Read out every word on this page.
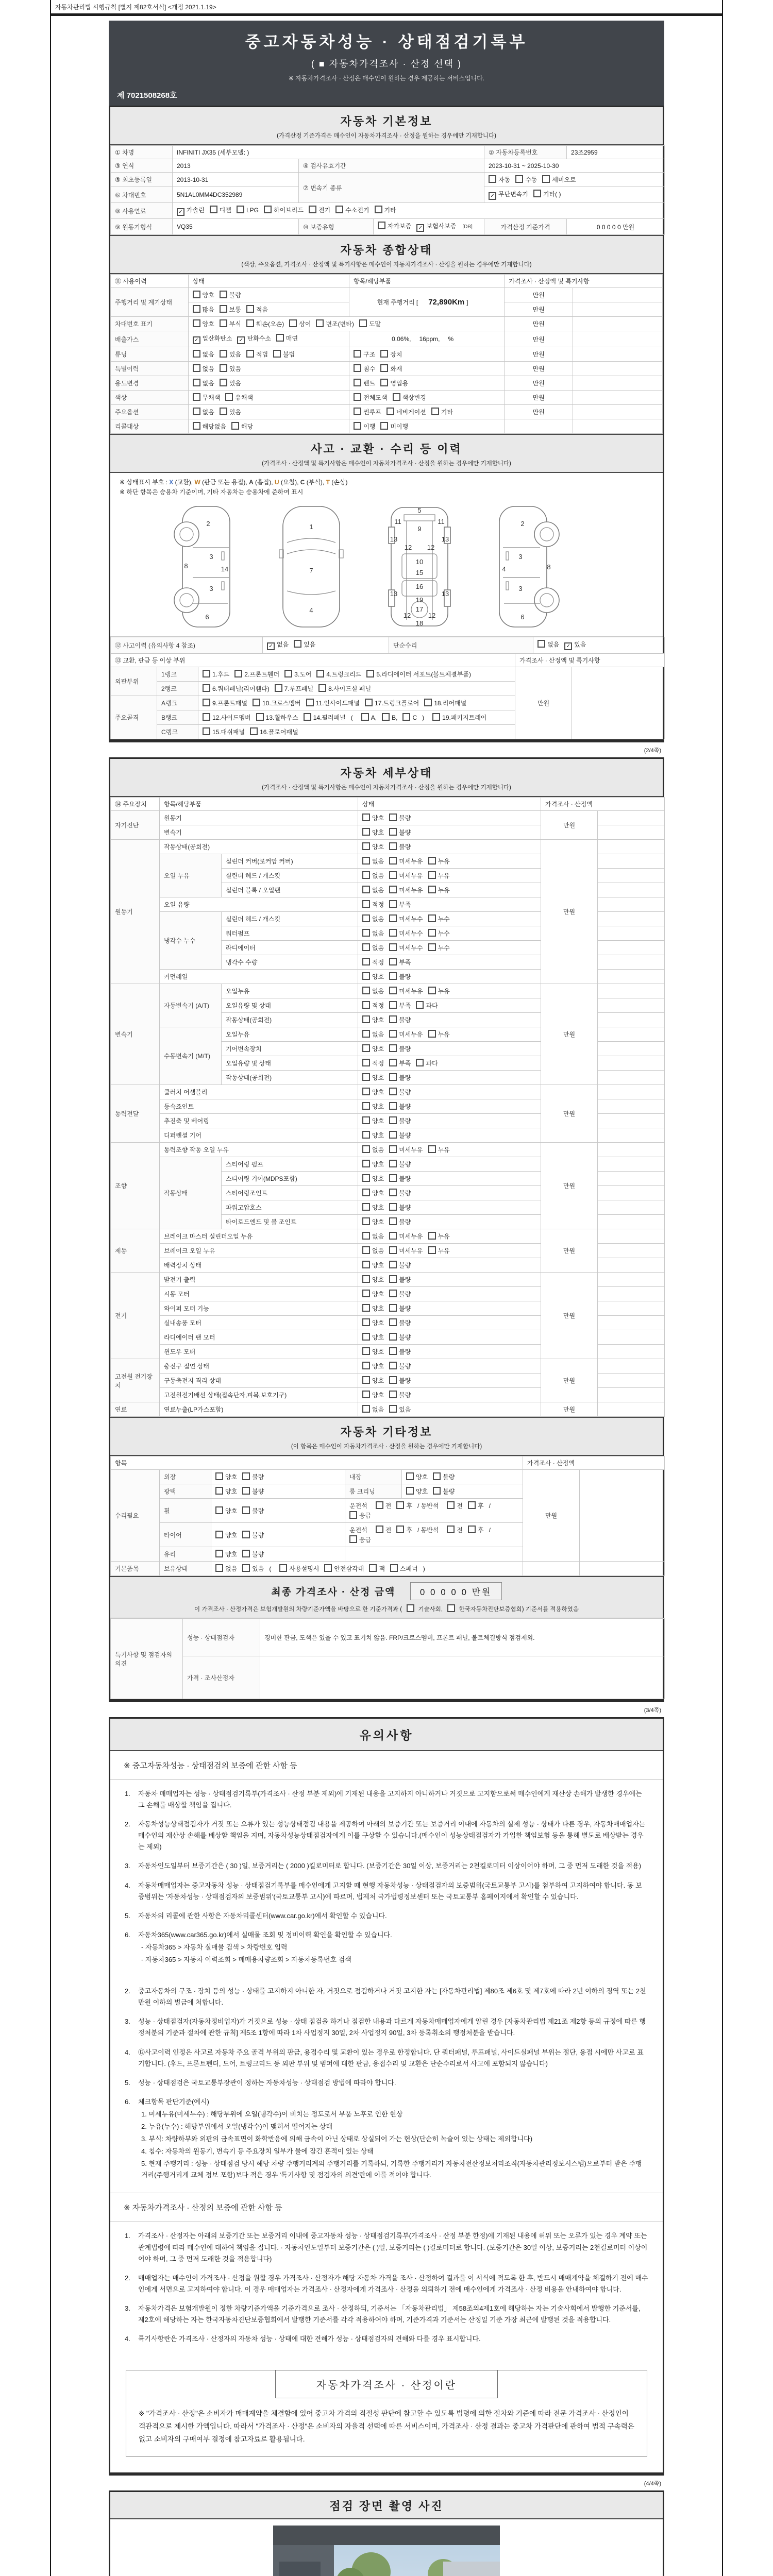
자동차관리법 시행규칙 [별지 제82호서식] <개정 2021.1.19>
중고자동차성능 · 상태점검기록부
( ■ 자동차가격조사 · 산정 선택 )
※ 자동차가격조사 · 산정은 매수인이 원하는 경우 제공하는 서비스입니다.
제 7021508268호
자동차 기본정보
(가격산정 기준가격은 매수인이 자동차가격조사 · 산정을 원하는 경우에만 기재합니다)
① 차명	INFINITI JX35 (세부모델: )			② 자동차등록번호	23조2959
③ 연식	2013	④ 검사유효기간		2023-10-31 ~ 2025-10-30	
⑤ 최초등록일	2013-10-31	⑦ 변속기 종류		자동 수동 세미오토	
⑥ 차대번호	5N1AL0MM4DC352989			✓ 무단변속기 기타( )	
⑧ 사용연료	✓ 가솔린 디젤 LPG 하이브리드 전기 수소전기 기타				
⑨ 원동기형식	VQ35	⑩ 보증유형	자가보증 ✓ 보험사보증 [DB]	가격산정 기준가격	0 0 0 0 0 만원
자동차 종합상태
(색상, 주요옵션, 가격조사 · 산정액 및 특기사항은 매수인이 자동차가격조사 · 산정을 원하는 경우에만 기재합니다)
⑪ 사용이력	상태	항목/해당부품	가격조사 · 산정액 및 특기사항	
주행거리 및 계기상태	양호 불량	현재 주행거리 [ 72,890Km ]	만원	
	많음 보통 적음		만원	
차대번호 표기	양호 부식 훼손(오손) 상이 변조(변타) 도말		만원	
배출가스	✓ 일산화탄소 ✓ 탄화수소 매연	0.06%, 16ppm, %	만원	
튜닝	없음 있음 적법 불법	구조 장치	만원	
특별이력	없음 있음	침수 화재	만원	
용도변경	없음 있음	렌트 영업용	만원	
색상	무채색 유채색	전체도색 색상변경	만원	
주요옵션	없음 있음	썬루프 네비게이션 기타	만원	
리콜대상	해당없음 해당	이행 미이행		
사고 · 교환 · 수리 등 이력
(가격조사 · 산정액 및 특기사항은 매수인이 자동차가격조사 · 산정을 원하는 경우에만 기재합니다)
※ 상태표시 부호 : X (교환), W (판금 또는 용접), A (흠집), U (요철), C (부식), T (손상)
※ 하단 항목은 승용차 기준이며, 기타 자동차는 승용차에 준하여 표시
2
8
3
14
3
6
1
7
4
5
11	11
9
13	13
12 12
10
15
16
13	13
19
12	12
17
18
2
3
8
4
3
6
⑫ 사고이력 (유의사항 4 참조)	✓ 없음 있음	단순수리	없음 ✓ 있음
⑬ 교환, 판금 등 이상 부위			가격조사 · 산정액 및 특기사항	
외판부위	1랭크	1.후드 2.프론트휀더 3.도어 4.트렁크리드 5.라디에이터 서포트(볼트체결부품)	만원	
	2랭크	6.쿼터패널(리어휀다) 7.루프패널 8.사이드실 패널		
주요골격	A랭크	9.프론트패널 10.크로스멤버 11.인사이드패널 17.트렁크플로어 18.리어패널		
	B랭크	12.사이드멤버 13.휠하우스 14.필러패널 ( A, B, C ) 19.패키지트레이		
	C랭크	15.대쉬패널 16.플로어패널		
(2/4쪽)
자동차 세부상태
(가격조사 · 산정액 및 특기사항은 매수인이 자동차가격조사 · 산정을 원하는 경우에만 기재합니다)
⑭ 주요장치	항목/해당부품		상태	가격조사 · 산정액	
자기진단	원동기		양호 불량	만원	
	변속기		양호 불량		
원동기	작동상태(공회전)		양호 불량	만원	
	오일 누유	실린더 커버(로커암 커버)	없음 미세누유 누유		
		실린더 헤드 / 개스킷	없음 미세누유 누유		
		실린더 블록 / 오일팬	없음 미세누유 누유		
	오일 유량		적정 부족		
	냉각수 누수	실린더 헤드 / 개스킷	없음 미세누수 누수		
		워터펌프	없음 미세누수 누수		
		라디에이터	없음 미세누수 누수		
		냉각수 수량	적정 부족		
	커먼레일		양호 불량		
변속기	자동변속기 (A/T)	오일누유	없음 미세누유 누유	만원	
		오일유량 및 상태	적정 부족 과다		
		작동상태(공회전)	양호 불량		
	수동변속기 (M/T)	오일누유	없음 미세누유 누유		
		기어변속장치	양호 불량		
		오일유량 및 상태	적정 부족 과다		
		작동상태(공회전)	양호 불량		
동력전달	클러치 어셈블리		양호 불량	만원	
	등속죠인트		양호 불량		
	추진축 및 베어링		양호 불량		
	디퍼렌셜 기어		양호 불량		
조향	동력조향 작동 오일 누유		없음 미세누유 누유	만원	
	작동상태	스티어링 펌프	양호 불량		
		스티어링 기어(MDPS포함)	양호 불량		
		스티어링조인트	양호 불량		
		파워고압호스	양호 불량		
		타이로드엔드 및 볼 조인트	양호 불량		
제동	브레이크 마스터 실린더오일 누유		없음 미세누유 누유	만원	
	브레이크 오일 누유		없음 미세누유 누유		
	배력장치 상태		양호 불량		
전기	발전기 출력		양호 불량	만원	
	시동 모터		양호 불량		
	와이퍼 모터 기능		양호 불량		
	실내송풍 모터		양호 불량		
	라디에이터 팬 모터		양호 불량		
	윈도우 모터		양호 불량		
고전원 전기장치	충전구 절연 상태		양호 불량	만원	
	구동축전지 격리 상태		양호 불량		
	고전원전기배선 상태(접속단자,피복,보호기구)		양호 불량		
연료	연료누출(LP가스포함)		없음 있음	만원	
자동차 기타정보
(이 항목은 매수인이 자동차가격조사 · 산정을 원하는 경우에만 기재합니다)
항목					가격조사 · 산정액	
수리필요	외장	양호 불량	내장	양호 불량	만원	
	광택	양호 불량	룸 크리닝	양호 불량		
	휠	양호 불량	운전석 전 후 / 동반석 전 후 /응급			
	타이어	양호 불량	운전석 전 후 / 동반석 전 후 /응급			
	유리	양호 불량				
기본품목	보유상태	없음 있음 ( 사용설명서 안전삼각대 잭 스패너 )				
최종 가격조사 · 산정 금액	0 0 0 0 0 만원
이 가격조사 · 산정가격은 보험개발원의 차량기준가액을 바탕으로 한 기준가격과 (	기술사회,	한국자동차진단보증협회) 기준서를 적용하였음
특기사항 및 점검자의 의견	성능 · 상태점검자	경미한 판금, 도색은 있을 수 있고 표기치 않음. FRP/크로스멤버, 프론트 패널, 볼트체결방식 점검제외.
	가격 · 조사산정자	
(3/4쪽)
유의사항
※ 중고자동차성능 · 상태점검의 보증에 관한 사항 등
1.	자동차 매매업자는 성능 · 상태점검기록부(가격조사 · 산정 부분 제외)에 기재된 내용을 고지하지 아니하거나 거짓으로 고지함으로써 매수인에게 재산상 손해가 발생한 경우에는 그 손해를 배상할 책임을 집니다.
2.	자동차성능상태점검자가 거짓 또는 오류가 있는 성능상태점검 내용을 제공하여 아래의 보증기간 또는 보증거리 이내에 자동차의 실제 성능 · 상태가 다른 경우, 자동차매매업자는 매수인의 재산상 손해를 배상할 책임을 지며, 자동차성능상태점검자에게 이를 구상할 수 있습니다.(매수인이 성능상태점검자가 가입한 책임보험 등을 통해 별도로 배상받는 경우는 제외)
3.	자동차인도일부터 보증기간은 ( 30 )일, 보증거리는 ( 2000 )킬로미터로 합니다. (보증기간은 30일 이상, 보증거리는 2천킬로미터 이상이어야 하며, 그 중 먼저 도래한 것을 적용)
4.	자동차매매업자는 중고자동차 성능 · 상태점검기록부를 매수인에게 고지할 때 현행 자동차성능 · 상태점검자의 보증범위(국토교통부 고시)를 첨부하여 고지하여야 합니다. 동 보증범위는 '자동차성능 · 상태점검자의 보증범위'(국토교통부 고시)에 따르며, 법제처 국가법령정보센터 또는 국토교통부 홈페이지에서 확인할 수 있습니다.
5.	자동차의 리콜에 관한 사항은 자동차리콜센터(www.car.go.kr)에서 확인할 수 있습니다.
6.	자동차365(www.car365.go.kr)에서 실매물 조회 및 정비이력 확인을 확인할 수 있습니다.
- 자동차365 > 자동차 실매물 검색 > 차량번호 입력
- 자동차365 > 자동차 이력조회 > 매매용차량조회 > 자동차등록번호 검색
2.	중고자동차의 구조 · 장치 등의 성능 · 상태를 고지하지 아니한 자, 거짓으로 점검하거나 거짓 고지한 자는 [자동차관리법] 제80조 제6호 및 제7호에 따라 2년 이하의 징역 또는 2천만원 이하의 벌금에 처합니다.
3.	성능 · 상태점검자(자동차정비업자)가 거짓으로 성능 · 상태 점검을 하거나 점검한 내용과 다르게 자동차매매업자에게 알린 경우 [자동차관리법 제21조 제2항 등의 규정에 따른 행정처분의 기준과 절차에 관한 규칙] 제5조 1항에 따라 1차 사업정지 30일, 2차 사업정지 90일, 3차 등록취소의 행정처분을 받습니다.
4.	⑫사고이력 인정은 사고로 자동차 주요 골격 부위의 판금, 용접수리 및 교환이 있는 경우로 한정합니다. 단 쿼터패널, 루프패널, 사이드실패널 부위는 절단, 용접 시에만 사고로 표기합니다. (후드, 프론트펜더, 도어, 트렁크리드 등 외판 부위 및 범퍼에 대한 판금, 용접수리 및 교환은 단순수리로서 사고에 포함되지 않습니다)
5.	성능 · 상태점검은 국토교통부장관이 정하는 자동차성능 · 상태점검 방법에 따라야 합니다.
6.	체크항목 판단기준(예시)
1. 미세누유(미세누수) : 해당부위에 오일(냉각수)이 비치는 정도로서 부품 노후로 인한 현상
2. 누유(누수) : 해당부위에서 오일(냉각수)이 맺혀서 떨어지는 상태
3. 부식: 차량하부와 외판의 금속표면이 화학반응에 의해 금속이 아닌 상태로 상실되어 가는 현상(단순히 녹슬어 있는 상태는 제외합니다)
4. 침수: 자동차의 원동기, 변속기 등 주요장치 일부가 물에 잠긴 흔적이 있는 상태
5. 현재 주행거리 : 성능 · 상태점검 당시 해당 차량 주행거리계의 주행거리를 기록하되, 기록한 주행거리가 자동차전산정보처리조직(자동차관리정보시스템)으로부터 받은 주행거리(주행거리계 교체 정보 포함)보다 적은 경우 '특기사항 및 점검자의 의견'란에 이를 적어야 합니다.
※ 자동차가격조사 · 산정의 보증에 관한 사항 등
1.	가격조사 · 산정자는 아래의 보증기간 또는 보증거리 이내에 중고자동차 성능 · 상태점검기록부(가격조사 · 산정 부분 한정)에 기재된 내용에 허위 또는 오류가 있는 경우 계약 또는 관계법령에 따라 매수인에 대하여 책임을 집니다. · 자동차인도일부터 보증기간은 ( )일, 보증거리는 ( )킬로미터로 합니다. (보증기간은 30일 이상, 보증거리는 2천킬로미터 이상이어야 하며, 그 중 먼저 도래한 것을 적용합니다)
2.	매매업자는 매수인이 가격조사 · 산정을 원할 경우 가격조사 · 산정자가 해당 자동차 가격을 조사 · 산정하여 결과를 이 서식에 적도록 한 후, 반드시 매매계약을 체결하기 전에 매수인에게 서면으로 고지하여야 합니다. 이 경우 매매업자는 가격조사 · 산정자에게 가격조사 · 산정을 의뢰하기 전에 매수인에게 가격조사 · 산정 비용을 안내하여야 합니다.
3.	자동차가격은 보험개발원이 정한 차량기준가액을 기준가격으로 조사 · 산정하되, 기준서는 「자동차관리법」 제58조의4제1호에 해당하는 자는 기술사회에서 발행한 기준서를, 제2호에 해당하는 자는 한국자동차진단보증협회에서 발행한 기준서를 각각 적용하여야 하며, 기준가격과 기준서는 산정일 기준 가장 최근에 발행된 것을 적용합니다.
4.	특기사항란은 가격조사 · 산정자의 자동차 성능 · 상태에 대한 견해가 성능 · 상태점검자의 견해와 다를 경우 표시합니다.
자동차가격조사 · 산정이란
※ "가격조사 · 산정"은 소비자가 매매계약을 체결함에 있어 중고차 가격의 적절성 판단에 참고할 수 있도록 법령에 의한 절차와 기준에 따라 전문 가격조사 · 산정인이 객관적으로 제시한 가액입니다. 따라서 "가격조사 · 산정"은 소비자의 자율적 선택에 따른 서비스이며, 가격조사 · 산정 결과는 중고차 가격판단에 관하여 법적 구속력은 없고 소비자의 구매여부 결정에 참고자료로 활용됩니다.
(4/4쪽)
점검 장면 촬영 사진
